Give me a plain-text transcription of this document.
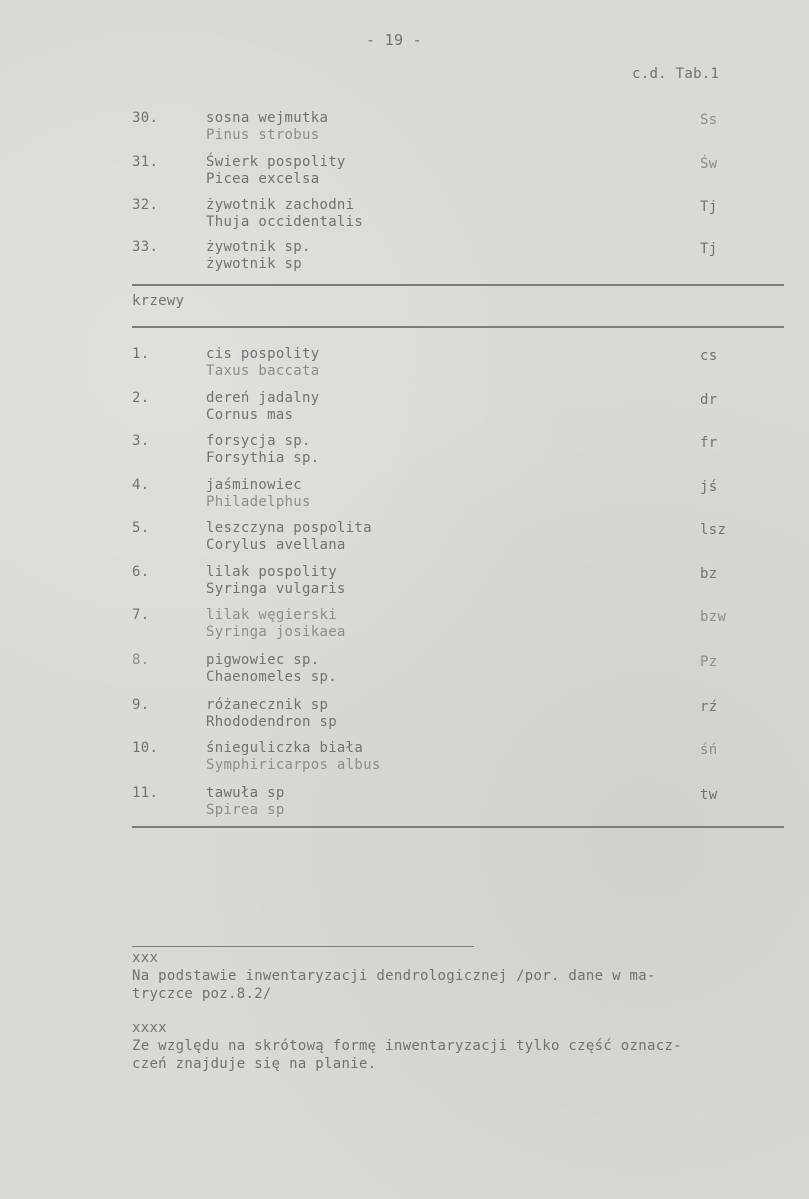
- 19 -
c.d. Tab.1
30.	sosna wejmutka
Pinus strobus
Ss
31.	Świerk pospolity
Picea excelsa
Św
32.	żywotnik zachodni
Thuja occidentalis
Tj
33.	żywotnik sp.
żywotnik sp
Tj
krzewy
1.	cis pospolity
Taxus baccata
cs
2.	dereń jadalny
Cornus mas
dr
3.	forsycja sp.
Forsythia sp.
fr
4.	jaśminowiec
Philadelphus
jś
5.	leszczyna pospolita
Corylus avellana
lsz
6.	lilak pospolity
Syringa vulgaris
bz
7.	lilak węgierski
Syringa josikaea
bzw
8.	pigwowiec sp.
Chaenomeles sp.
Pz
9.	różanecznik sp
Rhododendron sp
rź
10.	śnieguliczka biała
Symphiricarpos albus
śń
11.	tawuła sp
Spirea sp
tw
xxx
Na podstawie inwentaryzacji dendrologicznej /por. dane w ma-
tryczce poz.8.2/
xxxx
Ze względu na skrótową formę inwentaryzacji tylko część oznacz-
czeń znajduje się na planie.
